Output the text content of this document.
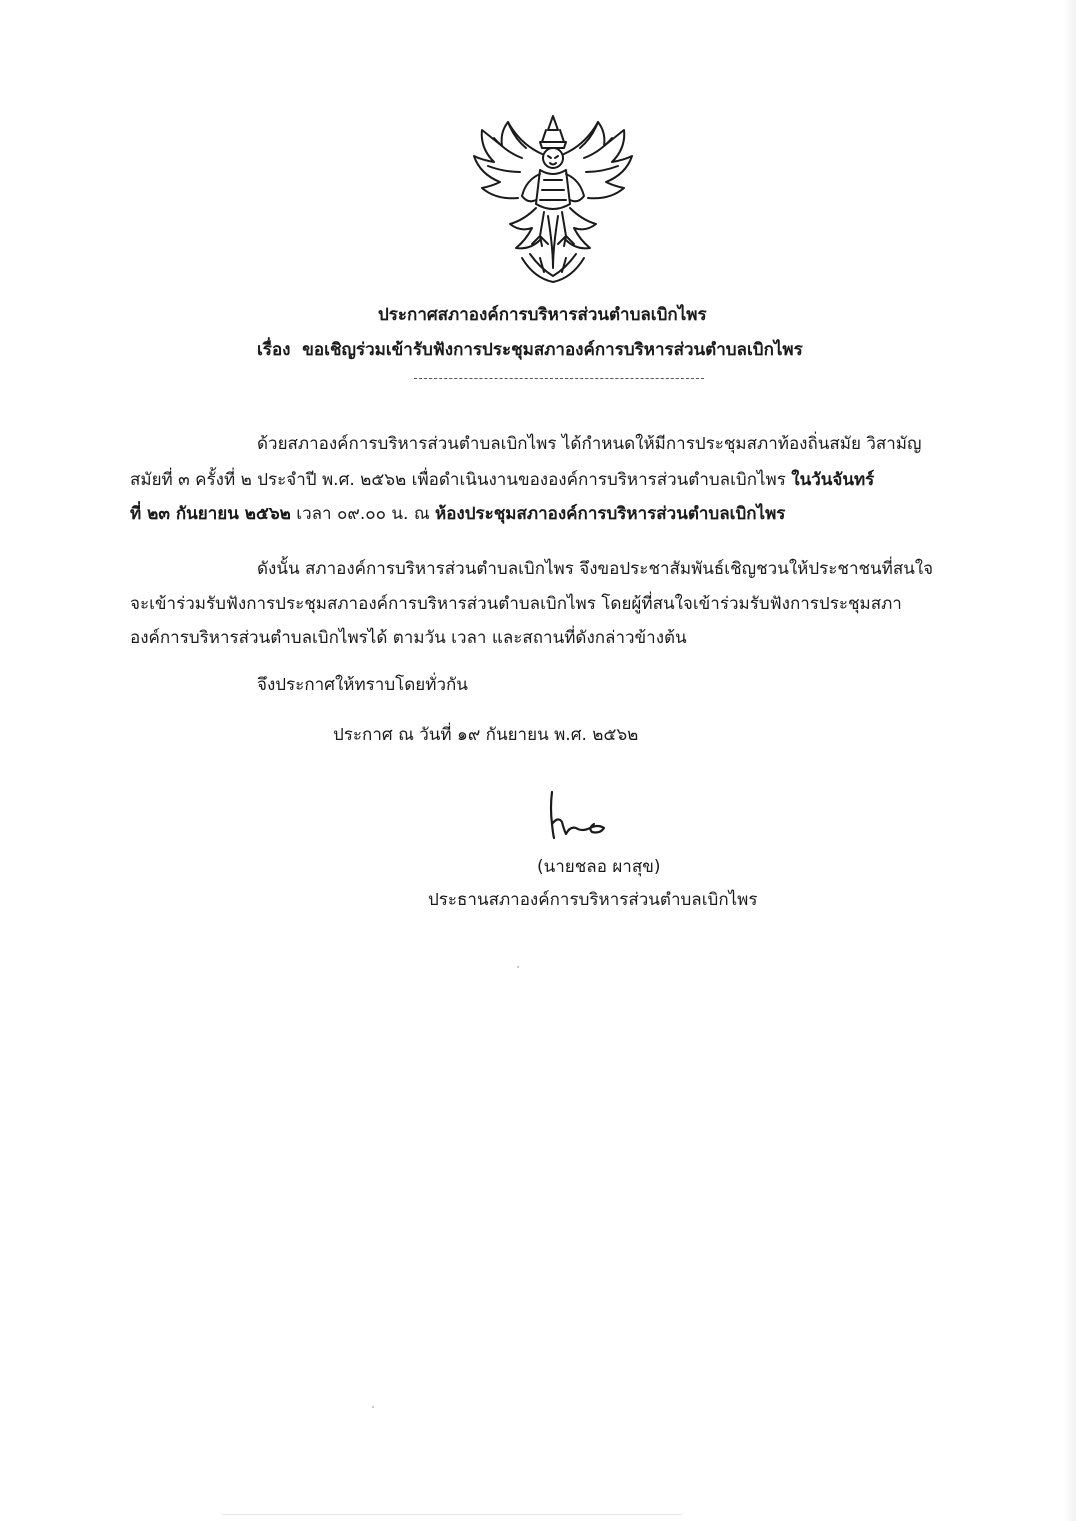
ประกาศสภาองค์การบริหารส่วนตำบลเบิกไพร
เรื่อง ขอเชิญร่วมเข้ารับฟังการประชุมสภาองค์การบริหารส่วนตำบลเบิกไพร
ด้วยสภาองค์การบริหารส่วนตำบลเบิกไพร ได้กำหนดให้มีการประชุมสภาท้องถิ่นสมัย วิสามัญ
สมัยที่ ๓ ครั้งที่ ๒ ประจำปี พ.ศ. ๒๕๖๒ เพื่อดำเนินงานขององค์การบริหารส่วนตำบลเบิกไพร ในวันจันทร์
ที่ ๒๓ กันยายน ๒๕๖๒ เวลา ๐๙.๐๐ น. ณ ห้องประชุมสภาองค์การบริหารส่วนตำบลเบิกไพร
ดังนั้น สภาองค์การบริหารส่วนตำบลเบิกไพร จึงขอประชาสัมพันธ์เชิญชวนให้ประชาชนที่สนใจ
จะเข้าร่วมรับฟังการประชุมสภาองค์การบริหารส่วนตำบลเบิกไพร โดยผู้ที่สนใจเข้าร่วมรับฟังการประชุมสภา
องค์การบริหารส่วนตำบลเบิกไพรได้ ตามวัน เวลา และสถานที่ดังกล่าวข้างต้น
จึงประกาศให้ทราบโดยทั่วกัน
ประกาศ ณ วันที่ ๑๙ กันยายน พ.ศ. ๒๕๖๒
(นายชลอ ผาสุข)
ประธานสภาองค์การบริหารส่วนตำบลเบิกไพร
